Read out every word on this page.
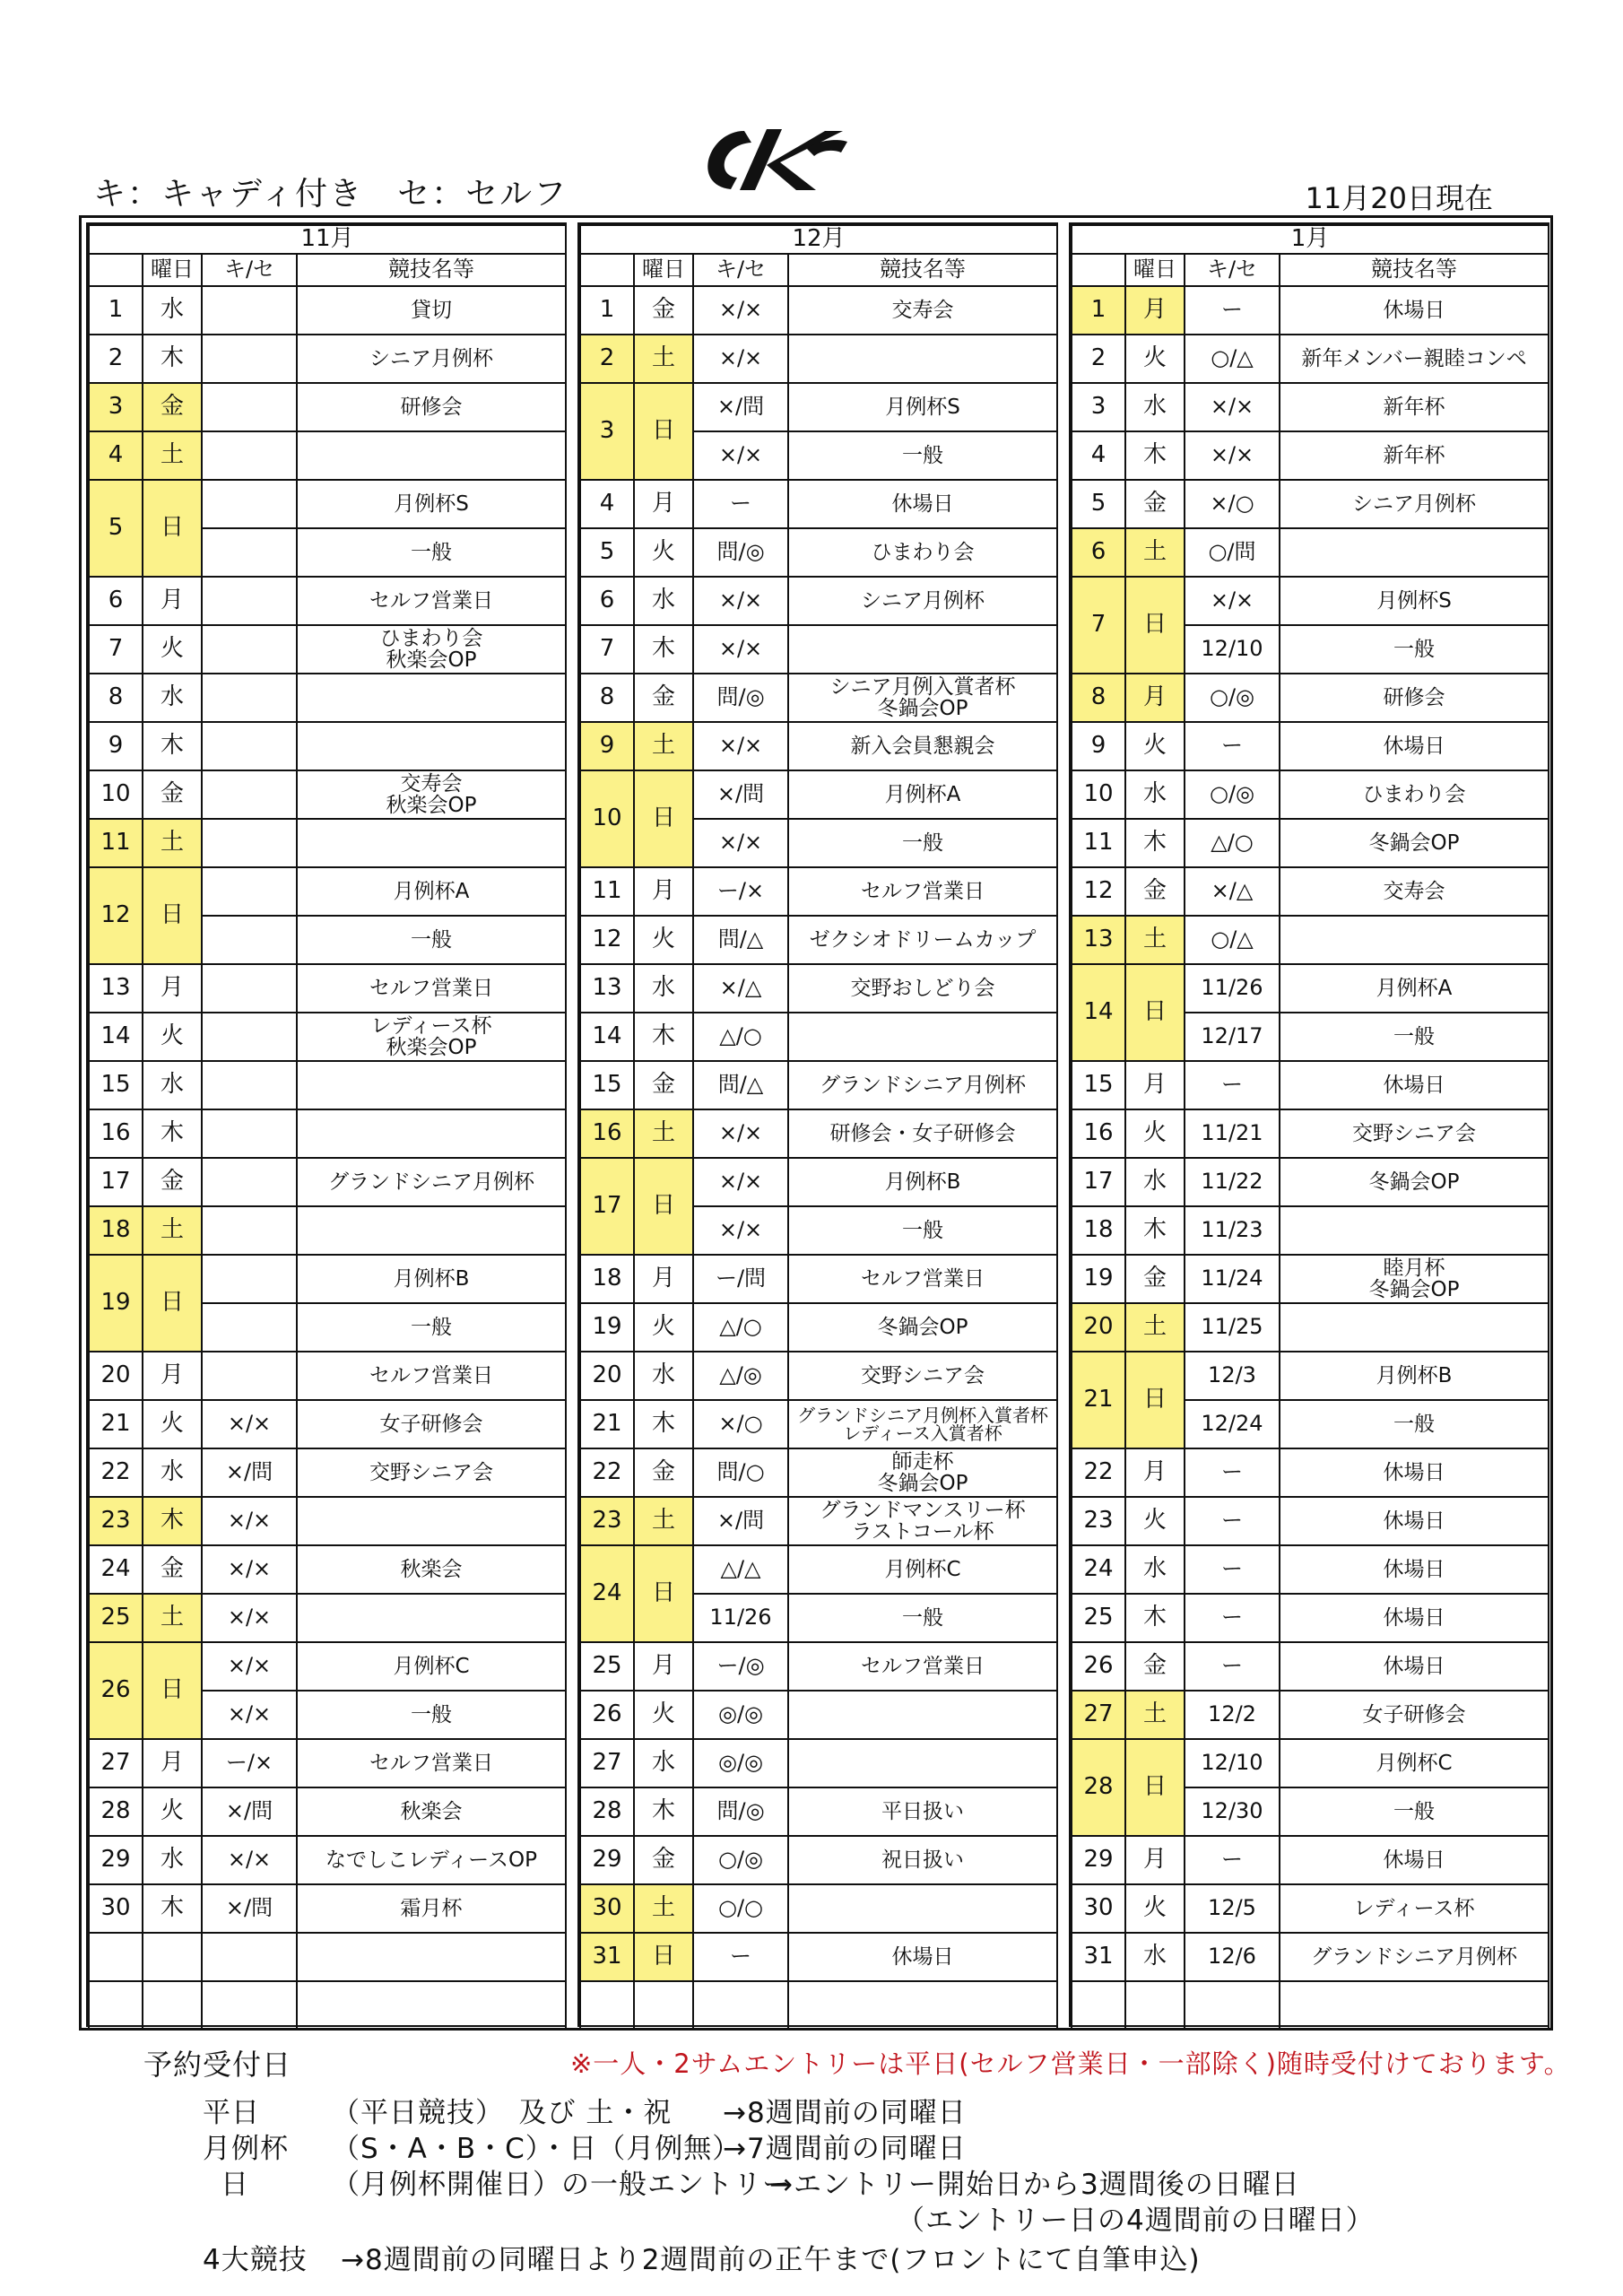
キ：キャディ付き　セ：セルフ	11月20日現在
11月			
	曜日	キ/セ	競技名等
1	水		貸切

2	木		シニア月例杯

3	金		研修会

4	土		
5	日		月例杯S

			一般

6	月		セルフ営業日

7	火		ひまわり会
秋楽会OP

8	水		
9	木		
10	金		交寿会
秋楽会OP

11	土		
12	日		月例杯A

			一般

13	月		セルフ営業日

14	火		レディース杯
秋楽会OP

15	水		
16	木		
17	金		グランドシニア月例杯

18	土		
19	日		月例杯B

			一般

20	月		セルフ営業日

21	火	×/×	女子研修会

22	水	×/問	交野シニア会

23	木	×/×	
24	金	×/×	秋楽会

25	土	×/×	
26	日	×/×	月例杯C

		×/×	一般

27	月	ー/×	セルフ営業日

28	火	×/問	秋楽会

29	水	×/×	なでしこレディースOP

30	木	×/問	霜月杯

12月			
	曜日	キ/セ	競技名等
1	金	×/×	交寿会

2	土	×/×	
3	日	×/問	月例杯S

		×/×	一般

4	月	ー	休場日

5	火	問/◎	ひまわり会

6	水	×/×	シニア月例杯

7	木	×/×	
8	金	問/◎	シニア月例入賞者杯
冬鍋会OP

9	土	×/×	新入会員懇親会

10	日	×/問	月例杯A

		×/×	一般

11	月	ー/×	セルフ営業日

12	火	問/△	ゼクシオドリームカップ

13	水	×/△	交野おしどり会

14	木	△/○	
15	金	問/△	グランドシニア月例杯

16	土	×/×	研修会・女子研修会

17	日	×/×	月例杯B

		×/×	一般

18	月	ー/問	セルフ営業日

19	火	△/○	冬鍋会OP

20	水	△/◎	交野シニア会

21	木	×/○	グランドシニア月例杯入賞者杯
レディース入賞者杯

22	金	問/○	師走杯
冬鍋会OP

23	土	×/問	グランドマンスリー杯
ラストコール杯

24	日	△/△	月例杯C

		11/26	一般

25	月	ー/◎	セルフ営業日

26	火	◎/◎	
27	水	◎/◎	
28	木	問/◎	平日扱い

29	金	○/◎	祝日扱い

30	土	○/○	
31	日	ー	休場日

1月			
	曜日	キ/セ	競技名等
1	月	ー	休場日

2	火	○/△	新年メンバー親睦コンペ

3	水	×/×	新年杯

4	木	×/×	新年杯

5	金	×/○	シニア月例杯

6	土	○/問	
7	日	×/×	月例杯S

		12/10	一般

8	月	○/◎	研修会

9	火	ー	休場日

10	水	○/◎	ひまわり会

11	木	△/○	冬鍋会OP

12	金	×/△	交寿会

13	土	○/△	
14	日	11/26	月例杯A

		12/17	一般

15	月	ー	休場日

16	火	11/21	交野シニア会

17	水	11/22	冬鍋会OP

18	木	11/23	
19	金	11/24	睦月杯
冬鍋会OP

20	土	11/25	
21	日	12/3	月例杯B

		12/24	一般

22	月	ー	休場日

23	火	ー	休場日

24	水	ー	休場日

25	木	ー	休場日

26	金	ー	休場日

27	土	12/2	女子研修会

28	日	12/10	月例杯C

		12/30	一般

29	月	ー	休場日

30	火	12/5	レディース杯

31	水	12/6	グランドシニア月例杯

予約受付日	※一人・2サムエントリーは平日(セルフ営業日・一部除く)随時受付けております。
平日	（平日競技）　及び 土・祝 →8週間前の同曜日
月例杯 （S・A・B・C）・日（月例無）
→7週間前の同曜日
日	（月例杯開催日）の一般エントリー
→エントリー開始日から3週間後の日曜日
（エントリー日の4週間前の日曜日）
4大競技 →8週間前の同曜日より2週間前の正午まで(フロントにて自筆申込)
